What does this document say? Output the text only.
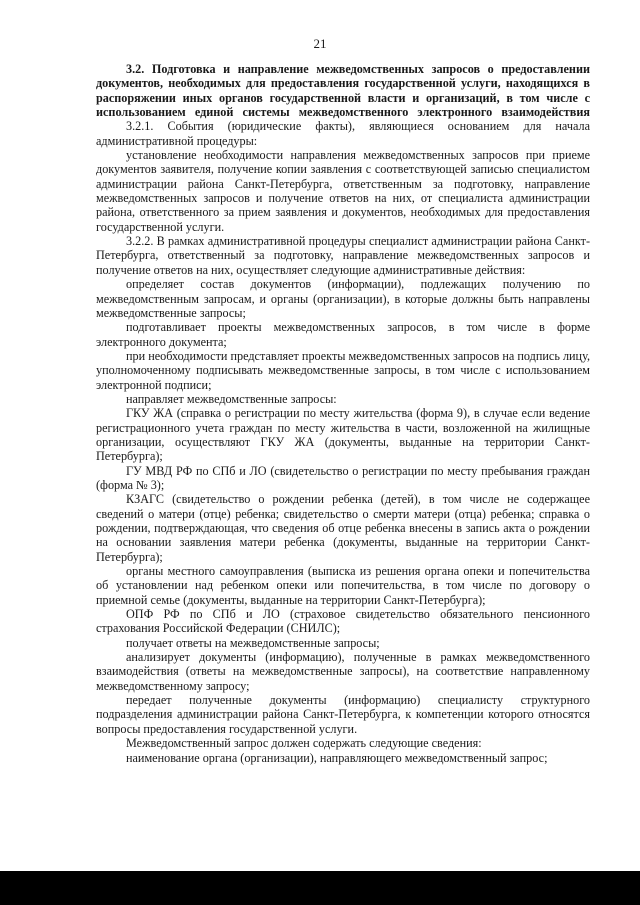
21

3.2. Подготовка и направление межведомственных запросов о предоставлении документов, необходимых для предоставления государственной услуги, находящихся в распоряжении иных органов государственной власти и организаций, в том числе с использованием единой системы межведомственного электронного взаимодействия

3.2.1. События (юридические факты), являющиеся основанием для начала административной процедуры:

установление необходимости направления межведомственных запросов при приеме документов заявителя, получение копии заявления с соответствующей записью специалистом администрации района Санкт-Петербурга, ответственным за подготовку, направление межведомственных запросов и получение ответов на них, от специалиста администрации района, ответственного за прием заявления и документов, необходимых для предоставления государственной услуги.

3.2.2. В рамках административной процедуры специалист администрации района Санкт-Петербурга, ответственный за подготовку, направление межведомственных запросов и получение ответов на них, осуществляет следующие административные действия:

определяет состав документов (информации), подлежащих получению по межведомственным запросам, и органы (организации), в которые должны быть направлены межведомственные запросы;

подготавливает проекты межведомственных запросов, в том числе в форме электронного документа;

при необходимости представляет проекты межведомственных запросов на подпись лицу, уполномоченному подписывать межведомственные запросы, в том числе с использованием электронной подписи;

направляет межведомственные запросы:

ГКУ ЖА (справка о регистрации по месту жительства (форма 9), в случае если ведение регистрационного учета граждан по месту жительства в части, возложенной на жилищные организации, осуществляют ГКУ ЖА (документы, выданные на территории Санкт-Петербурга);

ГУ МВД РФ по СПб и ЛО (свидетельство о регистрации по месту пребывания граждан (форма № 3);

КЗАГС (свидетельство о рождении ребенка (детей), в том числе не содержащее сведений о матери (отце) ребенка; свидетельство о смерти матери (отца) ребенка; справка о рождении, подтверждающая, что сведения об отце ребенка внесены в запись акта о рождении на основании заявления матери ребенка (документы, выданные на территории Санкт-Петербурга);

органы местного самоуправления (выписка из решения органа опеки и попечительства об установлении над ребенком опеки или попечительства, в том числе по договору о приемной семье (документы, выданные на территории Санкт-Петербурга);

ОПФ РФ по СПб и ЛО (страховое свидетельство обязательного пенсионного страхования Российской Федерации (СНИЛС);

получает ответы на межведомственные запросы;

анализирует документы (информацию), полученные в рамках межведомственного взаимодействия (ответы на межведомственные запросы), на соответствие направленному межведомственному запросу;

передает полученные документы (информацию) специалисту структурного подразделения администрации района Санкт-Петербурга, к компетенции которого относятся вопросы предоставления государственной услуги.

Межведомственный запрос должен содержать следующие сведения:

наименование органа (организации), направляющего межведомственный запрос;
